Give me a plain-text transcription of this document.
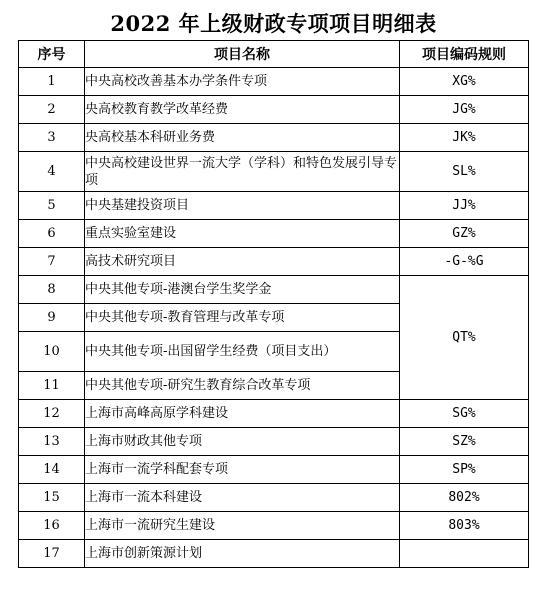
2022 年上级财政专项项目明细表
序号	项目名称	项目编码规则
1	中央高校改善基本办学条件专项	XG%
2	央高校教育教学改革经费	JG%
3	央高校基本科研业务费	JK%
4	中央高校建设世界一流大学（学科）和特色发展引导专项	SL%
5	中央基建投资项目	JJ%
6	重点实验室建设	GZ%
7	高技术研究项目	-G-%G
8	中央其他专项-港澳台学生奖学金	QT%
9	中央其他专项-教育管理与改革专项	
10	中央其他专项-出国留学生经费（项目支出）	
11	中央其他专项-研究生教育综合改革专项	
12	上海市高峰高原学科建设	SG%
13	上海市财政其他专项	SZ%
14	上海市一流学科配套专项	SP%
15	上海市一流本科建设	802%
16	上海市一流研究生建设	803%
17	上海市创新策源计划	
